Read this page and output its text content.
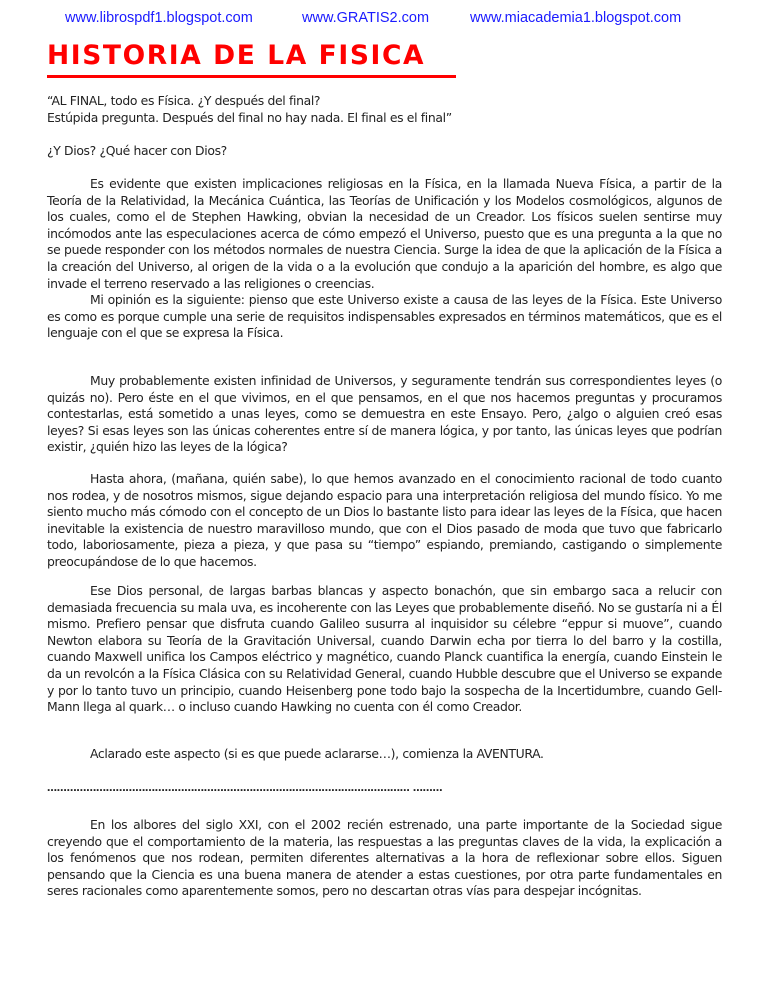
www.librospdf1.blogspot.com	www.GRATIS2.com	www.miacademia1.blogspot.com
HISTORIA DE LA FISICA

“AL FINAL, todo es Física. ¿Y después del final?

Estúpida pregunta. Después del final no hay nada. El final es el final”

¿Y Dios? ¿Qué hacer con Dios?

Es evidente que existen implicaciones religiosas en la Física, en la llamada Nueva Física, a partir de la Teoría de la Relatividad, la Mecánica Cuántica, las Teorías de Unificación y los Modelos cosmológicos, algunos de los cuales, como el de Stephen Hawking, obvian la necesidad de un Creador. Los físicos suelen sentirse muy incómodos ante las especulaciones acerca de cómo empezó el Universo, puesto que es una pregunta a la que no se puede responder con los métodos normales de nuestra Ciencia. Surge la idea de que la aplicación de la Física a la creación del Universo, al origen de la vida o a la evolución que condujo a la aparición del hombre, es algo que invade el terreno reservado a las religiones o creencias.

Mi opinión es la siguiente: pienso que este Universo existe a causa de las leyes de la Física. Este Universo es como es porque cumple una serie de requisitos indispensables expresados en términos matemáticos, que es el lenguaje con el que se expresa la Física.

Muy probablemente existen infinidad de Universos, y seguramente tendrán sus correspondientes leyes (o quizás no). Pero éste en el que vivimos, en el que pensamos, en el que nos hacemos preguntas y procuramos contestarlas, está sometido a unas leyes, como se demuestra en este Ensayo. Pero, ¿algo o alguien creó esas leyes? Si esas leyes son las únicas coherentes entre sí de manera lógica, y por tanto, las únicas leyes que podrían existir, ¿quién hizo las leyes de la lógica?

Hasta ahora, (mañana, quién sabe), lo que hemos avanzado en el conocimiento racional de todo cuanto nos rodea, y de nosotros mismos, sigue dejando espacio para una interpretación religiosa del mundo físico. Yo me siento mucho más cómodo con el concepto de un Dios lo bastante listo para idear las leyes de la Física, que hacen inevitable la existencia de nuestro maravilloso mundo, que con el Dios pasado de moda que tuvo que fabricarlo todo, laboriosamente, pieza a pieza, y que pasa su “tiempo” espiando, premiando, castigando o simplemente preocupándose de lo que hacemos.

Ese Dios personal, de largas barbas blancas y aspecto bonachón, que sin embargo saca a relucir con demasiada frecuencia su mala uva, es incoherente con las Leyes que probablemente diseñó. No se gustaría ni a Él mismo. Prefiero pensar que disfruta cuando Galileo susurra al inquisidor su célebre “eppur si muove”, cuando Newton elabora su Teoría de la Gravitación Universal, cuando Darwin echa por tierra lo del barro y la costilla, cuando Maxwell unifica los Campos eléctrico y magnético, cuando Planck cuantifica la energía, cuando Einstein le da un revolcón a la Física Clásica con su Relatividad General, cuando Hubble descubre que el Universo se expande y por lo tanto tuvo un principio, cuando Heisenberg pone todo bajo la sospecha de la Incertidumbre, cuando Gell-Mann llega al quark… o incluso cuando Hawking no cuenta con él como Creador.

Aclarado este aspecto (si es que puede aclararse…), comienza la AVENTURA.

………………………………………………………………………………………………… ………

En los albores del siglo XXI, con el 2002 recién estrenado, una parte importante de la Sociedad sigue creyendo que el comportamiento de la materia, las respuestas a las preguntas claves de la vida, la explicación a los fenómenos que nos rodean, permiten diferentes alternativas a la hora de reflexionar sobre ellos. Siguen pensando que la Ciencia es una buena manera de atender a estas cuestiones, por otra parte fundamentales en seres racionales como aparentemente somos, pero no descartan otras vías para despejar incógnitas.
